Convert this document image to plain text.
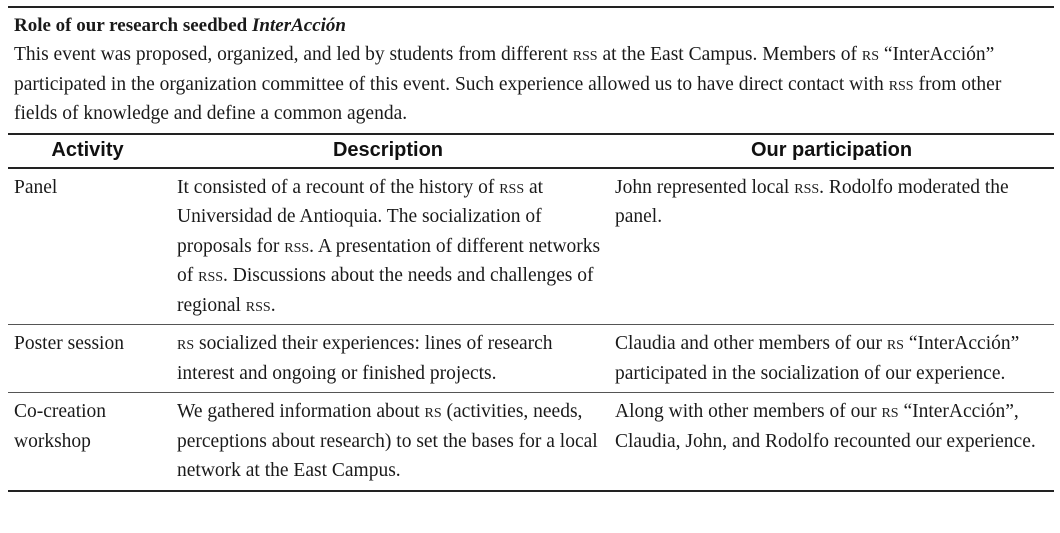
Role of our research seedbed InterAcción

This event was proposed, organized, and led by students from different rss at the East Campus. Members of rs “InterAcción” participated in the organization committee of this event. Such experience allowed us to have direct contact with rss from other fields of knowledge and define a common agenda.

Activity	Description	Our participation
Panel	It consisted of a recount of the history of rss at Universidad de Antioquia. The socialization of proposals for rss. A presentation of different networks of rss. Discussions about the needs and challenges of regional rss.	John represented local rss. Rodolfo moderated the panel.
Poster session	rs socialized their experiences: lines of research interest and ongoing or finished projects.	Claudia and other members of our rs “InterAcción” participated in the socialization of our experience.
Co-creation workshop	We gathered information about rs (activities, needs, perceptions about research) to set the bases for a local network at the East Campus.	Along with other members of our rs “InterAcción”, Claudia, John, and Rodolfo recounted our experience.
